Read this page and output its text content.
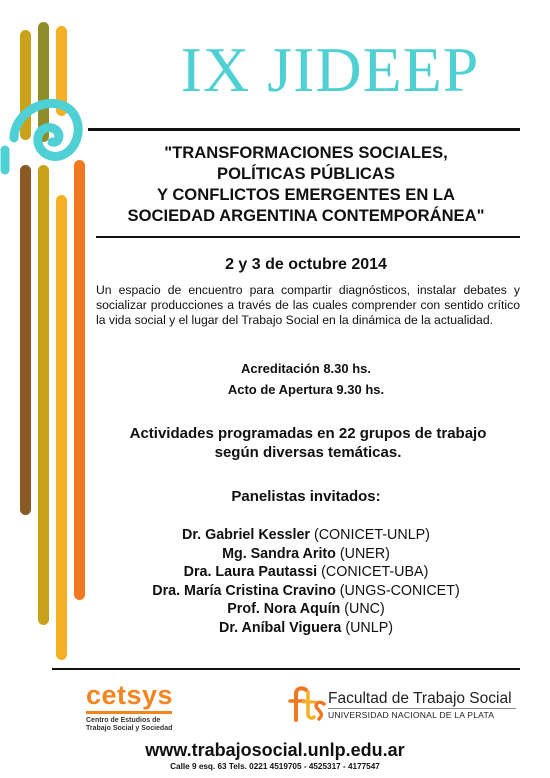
IX JIDEEP
"TRANSFORMACIONES SOCIALES,
POLÍTICAS PÚBLICAS
Y CONFLICTOS EMERGENTES EN LA
SOCIEDAD ARGENTINA CONTEMPORÁNEA"
2 y 3 de octubre 2014
Un espacio de encuentro para compartir diagnósticos, instalar debates y socializar producciones a través de las cuales comprender con sentido crítico la vida social y el lugar del Trabajo Social en la dinámica de la actualidad.
Acreditación 8.30 hs.
Acto de Apertura 9.30 hs.
Actividades programadas en 22 grupos de trabajo
según diversas temáticas.
Panelistas invitados:
Dr. Gabriel Kessler (CONICET-UNLP)
Mg. Sandra Arito (UNER)
Dra. Laura Pautassi (CONICET-UBA)
Dra. María Cristina Cravino (UNGS-CONICET)
Prof. Nora Aquín (UNC)
Dr. Aníbal Viguera (UNLP)
cetsys
Centro de Estudios de
Trabajo Social y Sociedad
Facultad de Trabajo Social
UNIVERSIDAD NACIONAL DE LA PLATA
www.trabajosocial.unlp.edu.ar
Calle 9 esq. 63 Tels. 0221 4519705 - 4525317 - 4177547
